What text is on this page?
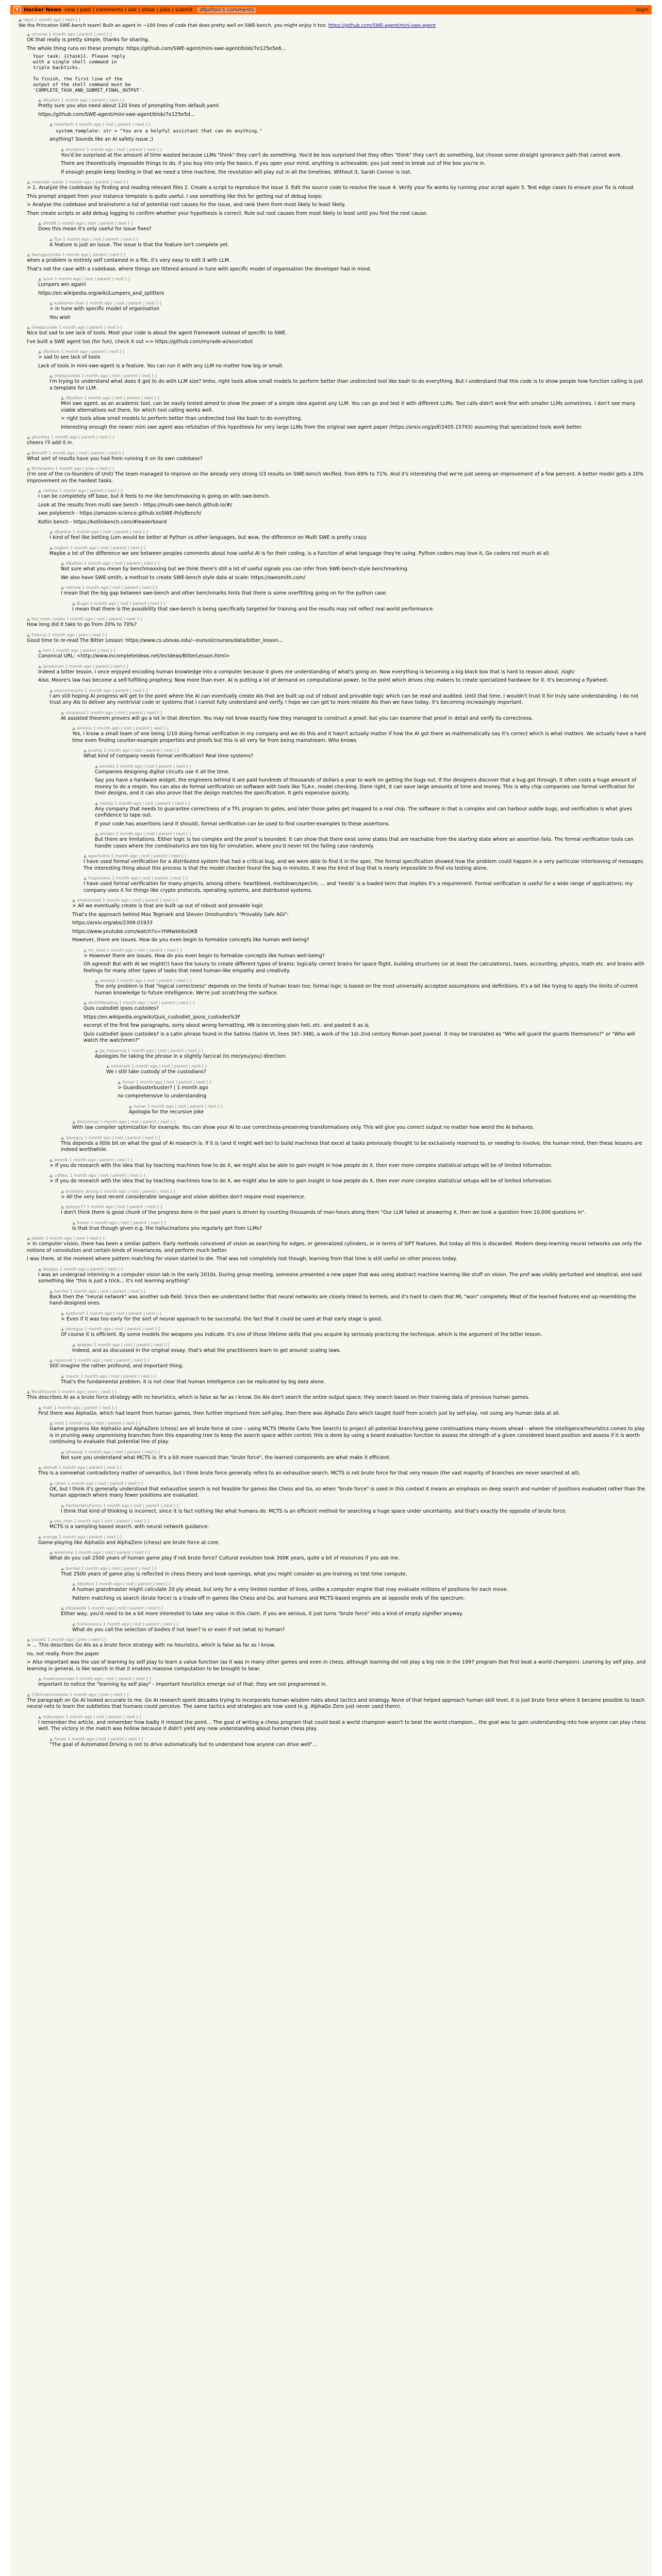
Y Hacker News new | past | comments | ask | show | jobs | submit	dfpelton's comments	login
▲ swyx 1 month ago | next [-]
We the Princeton SWE-bench team! Built an agent in ~100 lines of code that does pretty well on SWE-bench, you might enjoy it too: https://github.com/SWE-agent/mini-swe-agent
▲ simonw 1 month ago | parent | next [-]

OK that really is pretty simple, thanks for sharing.

The whole thing runs on these prompts: https://github.com/SWE-agent/mini-swe-agent/blob/7e125e5e6...

Your task: {{task}}. Please reply
with a single shell command in
triple backticks.

To finish, the first line of the
output of the shell command must be
'COMPLETE_TASK_AND_SUBMIT_FINAL_OUTPUT'.
▲ dfpelton 1 month ago | parent | next [-]

Pretty sure you also need about 120 lines of prompting from default.yaml

https://github.com/SWE-agent/mini-swe-agent/blob/7e125e5d...

▲ nivertech 1 month ago | root | parent | next [-]
system_template: str = "You are a helpful assistant that can do anything."

anything? Sounds like an AI safety issue ;)

▲ dnoberon 1 month ago | root | parent | next [-]

You'd be surprised at the amount of time wasted because LLMs "think" they can't do something. You'd be less surprised that they often "think" they can't do something, but choose some straight ignorance path that cannot work.

There are theoretically impossible things to do, if you buy into only the basics. If you open your mind, anything is achievable; you just need to break out of the box you're in.

If enough people keep feeding in that we need a time machine, the revolution will play out in all the timelines. Without it, Sarah Connor is lost.

▲ meander_water 1 month ago | parent | next [-]

> 1. Analyze the codebase by finding and reading relevant files 2. Create a script to reproduce the issue 3. Edit the source code to resolve the issue 4. Verify your fix works by running your script again 5. Test edge cases to ensure your fix is robust

This prompt snippet from your instance template is quite useful. I use something like this for getting out of debug loops:

> Analyse the codebase and brainstorm a list of potential root causes for the issue, and rank them from most likely to least likely.

Then create scripts or add debug logging to confirm whether your hypothesis is correct. Rule out root causes from most likely to least until you find the root cause.

▲ afro88 1 month ago | root | parent | next [-]

Does this mean it's only useful for issue fixes?

▲ fizx 1 month ago | root | parent | next [-]

A feature is just an issue. The issue is that the feature isn't complete yet.

▲ faangguyindia 1 month ago | parent | next [-]

when a problem is entirely self contained in a file, it's very easy to edit it with LLM.

That's not the case with a codebase, where things are littered around in tune with specific model of organisation the developer had in mind.

▲ lyron 1 month ago | root | parent | next [-]

Lumpers win again!

https://en.wikipedia.org/wiki/Lumpers_and_splitters

▲ koakuma-chan 1 month ago | root | parent | next [-]

> in tune with specific model of organisation

You wish

▲ sheepscreek 1 month ago | parent | next [-]

Nice but sad to see lack of tools. Most your code is about the agent framework instead of specific to SWE.

I've built a SWE agent too (for fun), check it out => https://github.com/myrade-ai/sourcebot

▲ dfpelton 1 month ago | parent | next [-]

> sad to see lack of tools

Lack of tools in mini-swe-agent is a feature. You can run it with any LLM no matter how big or small.

▲ sheepscreek 1 month ago | root | parent | next [-]

I'm trying to understand what does it got to do with LLM size? Imho, right tools allow small models to perform better than undirected tool like bash to do everything. But I understand that this code is to show people how function calling is just a template for LLM.

▲ dfpelton 1 month ago | root | parent | next [-]

Mini swe agent, as an academic tool, can be easily tested aimed to show the power of a simple idea against any LLM. You can go and test it with different LLMs. Tool calls didn't work fine with smaller LLMs sometimes. I don't see many viable alternatives out there, for which tool calling works well.

> right tools allow small models to perform better than undirected tool like bash to do everything.

Interesting enough the newer mini swe agent was refutation of this hypothesis for very large LLMs from the original swe agent paper (https://arxiv.org/pdf/2405.15793) assuming that specialized tools work better.

▲ ghuntley 1 month ago | parent | next [-]

cheers i'll add it in.

▲ BenoitP 1 month ago | root | parent | next [-]

What sort of results have you had from running it on its own codebase?

▲ Kirtanalem 1 month ago | prev | next [-]

(I'm one of the co-founders of Unit) The team managed to improve on the already very strong O3 results on SWE-bench Verified, from 69% to 71%. And it's interesting that we're just seeing an improvement of a few percent. A better model gets a 20% improvement on the hardest tasks.

▲ rwthew 1 month ago | parent | next [-]

I can be completely off base, but it feels to me like benchmaxxing is going on with swe-bench.

Look at the results from multi swe bench - https://multi-swe-bench.github.io/#/

swe polybench - https://amazon-science.github.io/SWE-PolyBench/

Kotlin bench - https://kotlinbench.com/#leaderboard

▲ dfpelton 1 month ago | root | parent | next [-]

I kind of feel like betting Lum would be better at Python vs other languages, but wow, the difference on Multi SWE is pretty crazy.

▲ hsgkon 1 month ago | root | parent | next [-]

Maybe a lot of the difference we see between peoples comments about how useful AI is for their coding, is a function of what language they're using. Python coders may love it, Go coders not much at all.

▲ dfpelton 1 month ago | root | parent | next [-]

Not sure what you mean by benchmaxxing but we think there's still a lot of useful signals you can infer from SWE-bench-style benchmarking.

We also have SWE-smith, a method to create SWE-bench style data at scale: https://swesmith.com/

▲ rwthew 1 month ago | root | parent | next [-]

I mean that the big gap between swe-bench and other benchmarks hints that there is some overfitting going on for the python case.

▲ Bugpl 1 month ago | root | parent | next [-]

I mean that there is the possibility that swe-bench is being specifically targeted for training and the results may not reflect real world performance.

▲ the_main_nodes 1 month ago | root | parent | next [-]

How long did it take to go from 20% to 70%?

▲ frabcus 1 month ago | prev | next [-]

Good time to re-read The Bitter Lesson: https://www.cs.utexas.edu/~eunsol/courses/data/bitter_lesson...

▲ tom 1 month ago | parent | next [-]

Canonical URL: <http://www.incompleteideas.net/IncIdeas/BitterLesson.html>

▲ janalsncm 1 month ago | parent | next [-]

Indeed a bitter lesson. I once enjoyed encoding human knowledge into a computer because it gives me understanding of what's going on. Now everything is becoming a big black box that is hard to reason about. /sigh/

Also, Moore's law has become a self-fulfilling prophecy. Now more than ever, AI is putting a lot of demand on computational power, to the point which drives chip makers to create specialized hardware for it. It's becoming a flywheel.

▲ anonymoushn 1 month ago | parent | next [-]

I am still hoping AI progress will get to the point where the AI can eventually create AIs that are built up out of robust and provable logic which can be read and audited. Until that time, I wouldn't trust it for truly sane understanding. I do not trust any AIs to deliver any nontrivial code or systems that I cannot fully understand and verify. I hope we can get to more reliable AIs than we have today, it's becoming increasingly important.

▲ ozopanuz 1 month ago | root | parent | next [-]

At assisted theorem provers will go a lot in that direction. You may not know exactly how they managed to construct a proof, but you can examine that proof in detail and verify its correctness.

▲ amidos 1 month ago | root | parent | next [-]

Yes, I know a small team of one being 1/10 doing formal verification in my company and we do this and it hasn't actually matter if how the AI got there as mathematically say it's correct which is what matters. We actually have a hard time even finding counter-example properties and proofs but this is all very far from being mainstream. Who knows.

▲ pcamp 1 month ago | root | parent | next [-]

What kind of company needs formal verification? Real time systems?

▲ amidos 1 month ago | root | parent | next [-]

Companies designing digital circuits use it all the time.

Say you have a hardware widget, the engineers behind it are paid hundreds of thousands of dollars a year to work on getting the bugs out. If the designers discover that a bug got through, it often costs a huge amount of money to do a respin. You can also do formal verification on software with tools like TLA+, model checking. Done right, it can save large amounts of time and money. This is why chip companies use formal verification for their designs, and it can also prove that the design matches the specification. It gets expensive quickly.

▲ nextos 1 month ago | root | parent | next [-]

Any company that needs to guarantee correctness of a TFL program to gates, and later those gates get mapped to a real chip. The software in that is complex and can harbour subtle bugs, and verification is what gives confidence to tape out.

If your code has assertions (and it should), formal verification can be used to find counter-examples to these assertions.

▲ amidos 1 month ago | root | parent | next [-]

But there are limitations. Either logic is too complex and the proof is bounded. It can show that there exist some states that are reachable from the starting state where an assertion fails. The formal verification tools can handle cases where the combinatorics are too big for simulation, where you'd never hit the failing case randomly.

▲ agentultra 1 month ago | root | parent | next [-]

I have used formal verification for a distributed system that had a critical bug, and we were able to find it in the spec. The formal specification showed how the problem could happen in a very particular interleaving of messages. The interesting thing about this process is that the model checker found the bug in minutes. It was the kind of bug that is nearly impossible to find via testing alone.

▲ fcapinsano 1 month ago | root | parent | next [-]

I have used formal verification for many projects, among others: heartbleed, meltdown/spectre, ... and 'needs' is a loaded term that implies it's a requirement. Formal verification is useful for a wide range of applications; my company uses it for things like crypto protocols, operating systems, and distributed systems.

▲ emblemzeit 1 month ago | root | parent | next [-]

> All we eventually create is that are built up out of robust and provable logic

That's the approach behind Max Tegmark and Steven Omohundro's "Provably Safe AGI":

https://arxiv.org/abs/2309.01933

https://www.youtube.com/watch?v=YhMwkk6uOK8

However, there are issues. How do you even begin to formalize concepts like human well-being?

▲ mr_toad 1 month ago | root | parent | next [-]

> However there are issues. How do you even begin to formalize concepts like human well-being?

Oh agreed! But with AI we might(!) have the luxury to create different types of brains; logically correct brains for space flight, building structures (or at least the calculations), taxes, accounting, physics, math etc. and brains with feelings for many other types of tasks that need human-like empathy and creativity.

▲ lambda 1 month ago | root | parent | next [-]

The only problem is that "logical correctness" depends on the limits of human brain too; formal logic is based on the most universally accepted assumptions and definitions. It's a bit like trying to apply the limits of current human knowledge to future intelligence. We're just scratching the surface.

▲ AlotOfReading 1 month ago | root | parent | next [-]

Quis custodiet ipsos custodes?

https://en.wikipedia.org/wiki/Quis_custodiet_ipsos_custodes%3F

excerpt of the first few paragraphs, sorry about wrong formatting, HN is becoming plain hell, etc. and pasted it as is.

Quis custodiet ipsos custodes? is a Latin phrase found in the Satires (Satire VI, lines 347–348), a work of the 1st–2nd century Roman poet Juvenal. It may be translated as "Who will guard the guards themselves?" or "Who will watch the watchmen?"

▲ ga_helpering 1 month ago | root | parent | next [-]

Apologies for taking the phrase in a slightly farcical (to me/you/you) direction:

▲ lurkshark 1 month ago | root | parent | next [-]

We I still take custody of the custodians?

▲ fumar 1 month ago | root | parent | next [-]

> Guardbusterbuster? | 1 month ago

no comprehensive to understanding

▲ fumar 1 month ago | root | parent | next [-]

Apologia for the recursive joke

▲ Aksiyilmaz 1 month ago | root | parent | next [-]

With law compiler optimization for example. You can show your AI to use correctness-preserving transformations only. This will give you correct output no matter how weird the AI behaves.

▲ daveguy 1 month ago | root | parent | next [-]

This depends a little bit on what the goal of AI research is. If it is (and it might well be) to build machines that excel at tasks previously thought to be exclusively reserved to, or needing to involve, the human mind, then these lessons are indeed worthwhile.

▲ aeonik 1 month ago | parent | next [-]

> If you do research with the idea that by teaching machines how to do X, we might also be able to gain insight in how people do X, then ever more complex statistical setups will be of limited information.

▲ cofiasc 1 month ago | root | parent | next [-]

> If you do research with the idea that by teaching machines how to do X, we might also be able to gain insight in how people do X, then ever more complex statistical setups will be of limited information.

▲ probably_wrong 1 month ago | root | parent | next [-]

> All the very best recent considerable language and vision abilities don't require most experience.

▲ jejeyyy77 1 month ago | root | parent | next [-]

I don't think there is good chunk of the progress done in the past years is driven by counting thousands of man-hours along them "Our LLM failed at answering X, then we took a question from 10,000 questions in".

▲ fumar 1 month ago | root | parent | next [-]

Is that true though given e.g. the hallucinations you regularly get from LLMs?

▲ pbwbr 1 month ago | prev | next [-]

> In computer vision, there has been a similar pattern. Early methods conceived of vision as searching for edges, or generalized cylinders, or in terms of SIFT features. But today all this is discarded. Modern deep-learning neural networks use only the notions of convolution and certain kinds of invariances, and perform much better.

I was there, at the moment where pattern matching for vision started to die. That was not completely lost though, learning from that time is still useful on other process today.

▲ abeppu 1 month ago | parent | next [-]

I was an undergrad interning in a computer vision lab in the early 2010s. During group meeting, someone presented a new paper that was using abstract machine learning like stuff on vision. The prof was visibly perturbed and skeptical, and said something like "this is just a trick... it's not learning anything".

▲ barrkel 1 month ago | root | parent | next [-]

Back then the "neural network" was another sub-field. Since then we understand better that neural networks are closely linked to kernels, and it's hard to claim that ML "won" completely. Most of the learned features end up resembling the hand-designed ones.

▲ eyeforart 1 month ago | root | parent | next [-]

> Even if it was too early for the sort of neural approach to be successful, the fact that it could be used at that early stage is good.

▲ daveguy 1 month ago | root | parent | next [-]

Of course it is efficient. By some models the weapons you indicate. It's one of those lifetime skills that you acquire by seriously practicing the technique, which is the argument of the bitter lesson.

▲ abeppu 1 month ago | root | parent | next [-]

Indeed, and as discussed in the original essay, that's what the practitioners learn to get around: scaling laws.

▲ rapsonet 1 month ago | root | parent | next [-]

Still imagine the rather profound, and important thing.

▲ mavhc 1 month ago | root | parent | next [-]

That's the fundamental problem: it is not clear that human intelligence can be replicated by big data alone.

▲ NicoElsayed 1 month ago | prev | next [-]

This describes AI as a brute force strategy with no heuristics, which is false as far as I know. Do AIs don't search the entire output space; they search based on their training data of previous human games.

▲ matt 1 month ago | parent | next [-]

First there was AlphaGo, which had learnt from human games, then further improved from self-play, then there was AlphaGo Zero which taught itself from scratch just by self-play, not using any human data at all.

▲ matt 1 month ago | root | parent | next [-]

Game programs like AlphaGo and AlphaZero (chess) are all brute force at core – using MCTS (Monte Carlo Tree Search) to project all potential branching game continuations many moves ahead – where the intelligence/heuristics comes to play is in pruning away unpromising branches from this expanding tree to keep the search space within control; this is done by using a board evaluation function to assess the strength of a given considered board position and assess if it is worth continuing to evaluate that potential line of play.

▲ jdhwosjs 1 month ago | root | parent | next [-]

Not sure you understand what MCTS is. It's a bit more nuanced than "brute force", the learned components are what make it efficient.

▲ rednafi 1 month ago | parent | next [-]

This is a somewhat contradictory matter of semantics, but I think brute force generally refers to an exhaustive search. MCTS is not brute force for that very reason (the vast majority of branches are never searched at all).

▲ rahen 1 month ago | root | parent | next [-]

OK, but I think it's generally understood that exhaustive search is not feasible for games like Chess and Go, so when "brute force" is used in this context it means an emphasis on deep search and number of positions evaluated rather than the human approach where many fewer positions are evaluated.

▲ HarHarVeryFunny 1 month ago | root | parent | next [-]

I think that kind of thinking is incorrect, since it is fact nothing like what humans do. MCTS is an efficient method for searching a huge space under uncertainty, and that's exactly the opposite of brute force.

▲ yes_man 1 month ago | root | parent | next [-]

MCTS is a sampling based search, with neural network guidance.

▲ orange 1 month ago | parent | next [-]

Game-playing like AlphaGo and AlphaZero (chess) are brute force at core.

▲ wiremine 1 month ago | root | parent | next [-]

What do you call 2500 years of human game play if not brute force? Cultural evolution took 300K years, quite a bit of resources if you ask me.

▲ barrkel 1 month ago | root | parent | next [-]

That 2500 years of game play is reflected in chess theory and book openings, what you might consider as pre-training vs test time compute.

▲ dfpelton 1 month ago | root | parent | next [-]

A human grandmaster might calculate 20 ply ahead, but only for a very limited number of lines, unlike a computer engine that may evaluate millions of positions for each move.

Pattern matching vs search (brute force) is a trade-off in games like Chess and Go, and humans and MCTS-based engines are at opposite ends of the spectrum.

▲ kiksdaebk 1 month ago | root | parent | next [-]

Either way, you'd need to be a bit more interested to take any value in this claim. If you are serious, it just turns "brute force" into a kind of empty signifier anyway.

▲ tsimionescu 1 month ago | root | parent | next [-]

What do you call the selection of bodies if not laser? Is or even if not (what is) human?

▲ yusiel1 1 month ago | prev | next [-]

> ... This describes Go AIs as a brute force strategy with no heuristics, which is false as far as I know.

no, not really. From the paper

> Also important was the use of learning by self play to learn a value function (as it was in many other games and even in chess, although learning did not play a big role in the 1997 program that first beat a world champion). Learning by self play, and learning in general, is like search in that it enables massive computation to be brought to bear.

▲ mowiconeraqel 1 month ago | root | parent | next [-]

Important to notice the "learning by self play" - important heuristics emerge out of that; they are not programmed in.

▲ CSkinnerrumbooo 1 month ago | prev | next [-]

The paragraph on Go AI looked accurate to me. Go AI research spent decades trying to incorporate human wisdom rules about tactics and strategy. None of that helped approach human skill level, it is just brute force where it became possible to teach neural nets to learn the subtleties that humans could perceive. The same tactics and strategies are now used (e.g. AlphaGo Zero just never used them).

▲ mjburgess 1 month ago | root | parent | next [-]

I remember the article, and remember how badly it missed the point... The goal of writing a chess program that could beat a world champion wasn't to beat the world champion... the goal was to gain understanding into how anyone can play chess well. The victory in the match was hollow because it didn't yield any new understanding about human chess play.

▲ fumar 1 month ago | root | parent | next [-]

"The goal of Automated Driving is not to drive automatically but to understand how anyone can drive well"...
